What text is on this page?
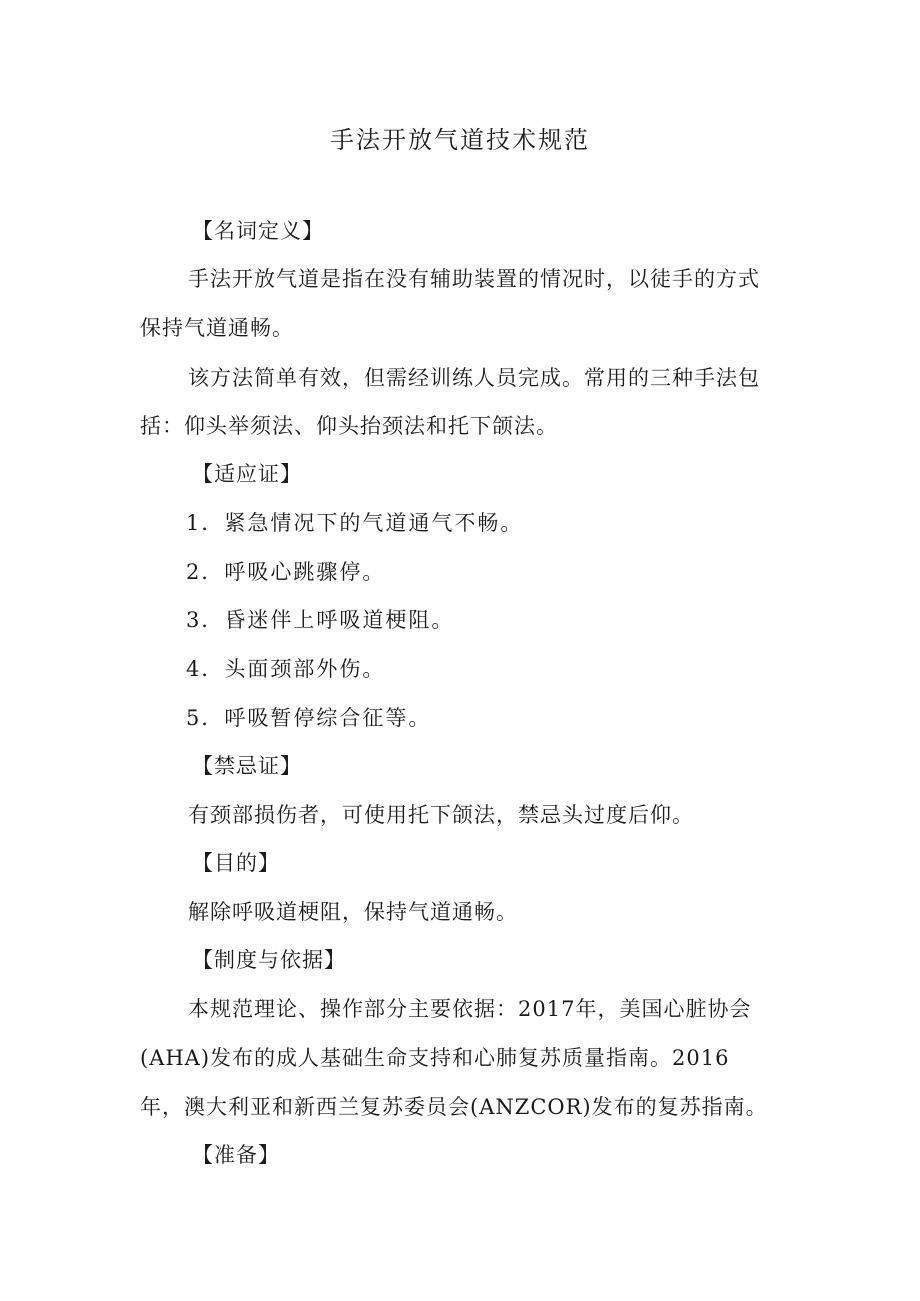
手法开放气道技术规范
【名词定义】
手法开放气道是指在没有辅助装置的情况时，以徒手的方式
保持气道通畅。
该方法简单有效，但需经训练人员完成。常用的三种手法包
括：仰头举须法、仰头抬颈法和托下颌法。
【适应证】
1．紧急情况下的气道通气不畅。
2．呼吸心跳骤停。
3．昏迷伴上呼吸道梗阻。
4．头面颈部外伤。
5．呼吸暂停综合征等。
【禁忌证】
有颈部损伤者，可使用托下颌法，禁忌头过度后仰。
【目的】
解除呼吸道梗阻，保持气道通畅。
【制度与依据】
本规范理论、操作部分主要依据：2017年，美国心脏协会
(AHA)发布的成人基础生命支持和心肺复苏质量指南。2016
年，澳大利亚和新西兰复苏委员会(ANZCOR)发布的复苏指南。
【准备】
